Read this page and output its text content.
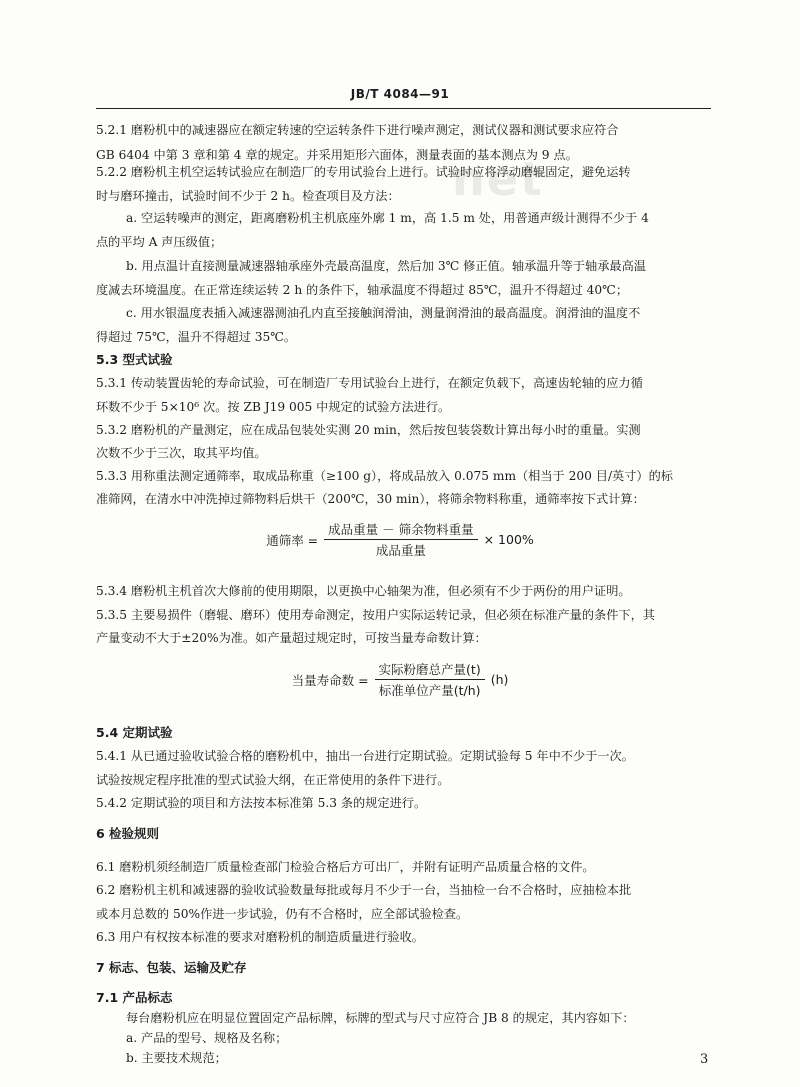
net
JB/T 4084—91
5.2.1 磨粉机中的减速器应在额定转速的空运转条件下进行噪声测定，测试仪器和测试要求应符合
GB 6404 中第 3 章和第 4 章的规定。并采用矩形六面体，测量表面的基本测点为 9 点。
5.2.2 磨粉机主机空运转试验应在制造厂的专用试验台上进行。试验时应将浮动磨辊固定，避免运转
时与磨环撞击，试验时间不少于 2 h。检查项目及方法：
a. 空运转噪声的测定，距离磨粉机主机底座外廓 1 m，高 1.5 m 处，用普通声级计测得不少于 4
点的平均 A 声压级值；
b. 用点温计直接测量减速器轴承座外壳最高温度，然后加 3℃ 修正值。轴承温升等于轴承最高温
度减去环境温度。在正常连续运转 2 h 的条件下，轴承温度不得超过 85℃，温升不得超过 40℃；
c. 用水银温度表插入减速器测油孔内直至接触润滑油，测量润滑油的最高温度。润滑油的温度不
得超过 75℃，温升不得超过 35℃。
5.3 型式试验
5.3.1 传动装置齿轮的寿命试验，可在制造厂专用试验台上进行，在额定负载下，高速齿轮轴的应力循
环数不少于 5×10⁶ 次。按 ZB J19 005 中规定的试验方法进行。
5.3.2 磨粉机的产量测定，应在成品包装处实测 20 min，然后按包装袋数计算出每小时的重量。实测
次数不少于三次，取其平均值。
5.3.3 用称重法测定通筛率，取成品称重（≥100 g），将成品放入 0.075 mm（相当于 200 目/英寸）的标
准筛网，在清水中冲洗掉过筛物料后烘干（200℃，30 min），将筛余物料称重，通筛率按下式计算：
通筛率 = $\frac{\text{成品重量 － 筛余物料重量}}{\text{成品重量}} \times 100\%$
5.3.4 磨粉机主机首次大修前的使用期限，以更换中心轴架为准，但必须有不少于两份的用户证明。
5.3.5 主要易损件（磨辊、磨环）使用寿命测定，按用户实际运转记录，但必须在标准产量的条件下，其
产量变动不大于±20%为准。如产量超过规定时，可按当量寿命数计算：
当量寿命数 = $\frac{\text{实际粉磨总产量(t)}}{\text{标准单位产量(t/h)}} (h)$
5.4 定期试验
5.4.1 从已通过验收试验合格的磨粉机中，抽出一台进行定期试验。定期试验每 5 年中不少于一次。
试验按规定程序批准的型式试验大纲，在正常使用的条件下进行。
5.4.2 定期试验的项目和方法按本标准第 5.3 条的规定进行。
6 检验规则
6.1 磨粉机须经制造厂质量检查部门检验合格后方可出厂，并附有证明产品质量合格的文件。
6.2 磨粉机主机和减速器的验收试验数量每批或每月不少于一台，当抽检一台不合格时，应抽检本批
或本月总数的 50%作进一步试验，仍有不合格时，应全部试验检查。
6.3 用户有权按本标准的要求对磨粉机的制造质量进行验收。
7 标志、包装、运输及贮存
7.1 产品标志
每台磨粉机应在明显位置固定产品标牌，标牌的型式与尺寸应符合 JB 8 的规定，其内容如下：
a. 产品的型号、规格及名称；
b. 主要技术规范；	3
